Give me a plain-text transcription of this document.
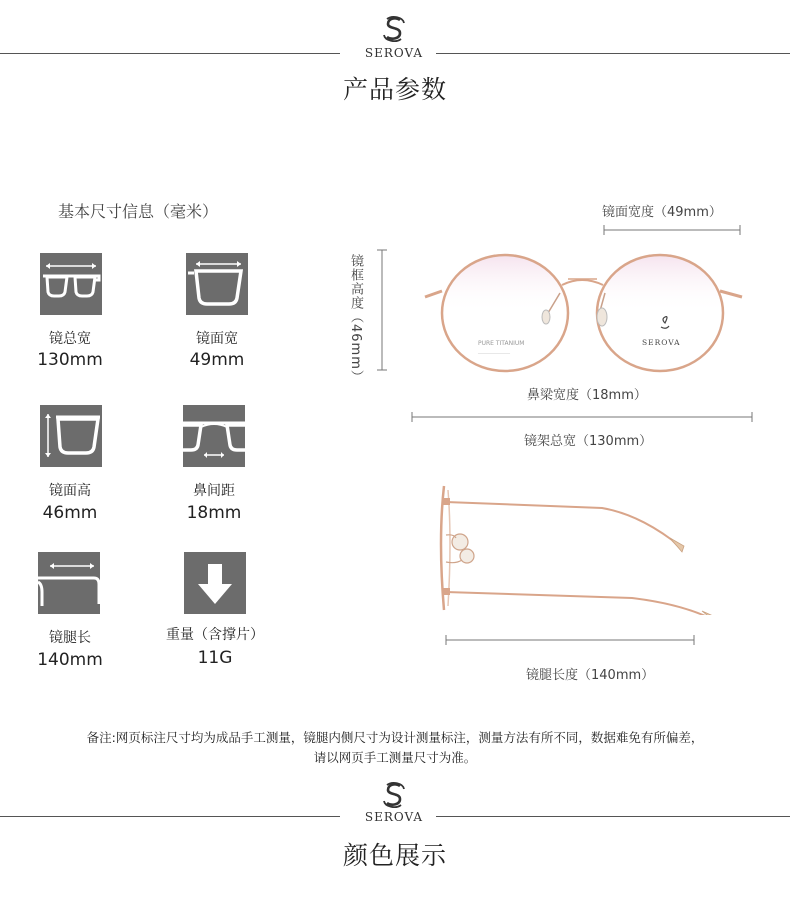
SEROVA
产品参数
基本尺寸信息（毫米）
镜总宽
130mm
镜面宽
49mm
镜面高
46mm
鼻间距
18mm
镜腿长
140mm
重量（含撑片）
11G
镜面宽度（49mm）
镜框高度（46mm）	PURE TITANIUM
________________
SEROVA
鼻梁宽度（18mm）
镜架总宽（130mm）
镜腿长度（140mm）
备注:网页标注尺寸均为成品手工测量，镜腿内侧尺寸为设计测量标注，测量方法有所不同，数据难免有所偏差，
请以网页手工测量尺寸为准。
SEROVA
颜色展示
